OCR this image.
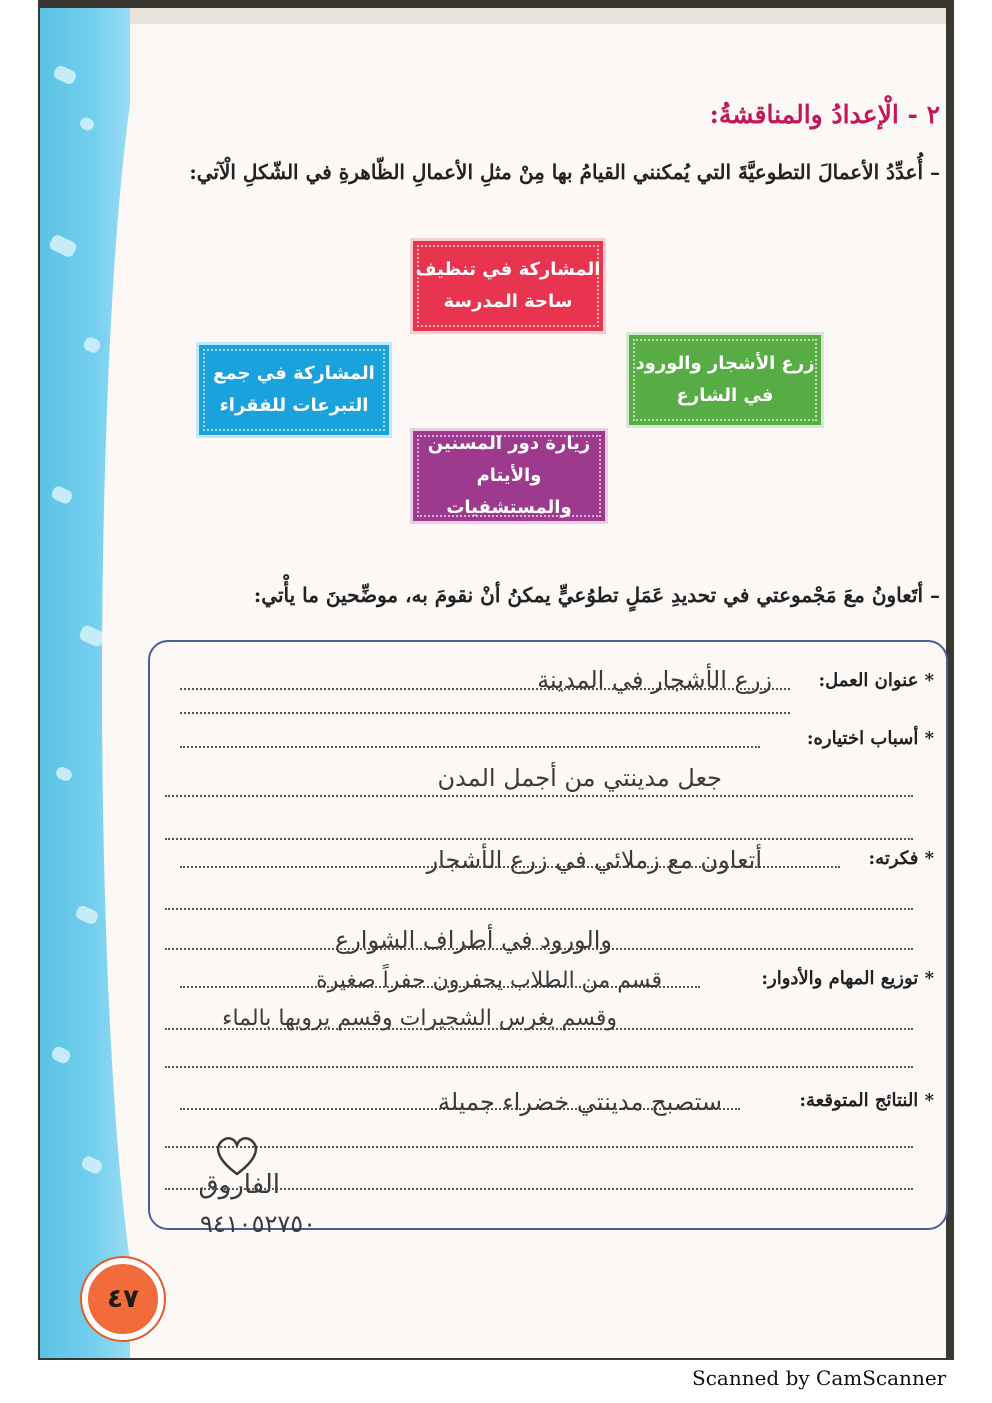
٢ - الْإعدادُ والمناقشةُ:
– أُعدِّدُ الأعمالَ التطوعيَّةَ التي يُمكنني القيامُ بها مِنْ مثلِ الأعمالِ الظّاهرةِ في الشّكلِ الْآتي:
المشاركة في تنظيف ساحة المدرسة
زرع الأشجار والورود في الشارع
المشاركة في جمع التبرعات للفقراء
زيارة دور المسنين والأيتام والمستشفيات
– أتَعاونُ معَ مَجْموعتي في تحديدِ عَمَلٍ تطوُعيٍّ يمكنُ أنْ نقومَ به، موضِّحينَ ما يأْتي:
* عنوان العمل:
زرع الأشجار في المدينة
* أسباب اختياره:
جعل مدينتي من أجمل المدن
* فكرته:
أتعاون مع زملائي في زرع الأشجار
والورود في أطراف الشوارع
* توزيع المهام والأدوار:
قسم من الطلاب يحفرون حفراً صغيرة
وقسم يغرس الشجيرات وقسم يرويها بالماء
* النتائج المتوقعة:
ستصبح مدينتي خضراء جميلة
الفاروق
٩٤١٠٥٢٧٥٠
٤٧
Scanned by CamScanner
